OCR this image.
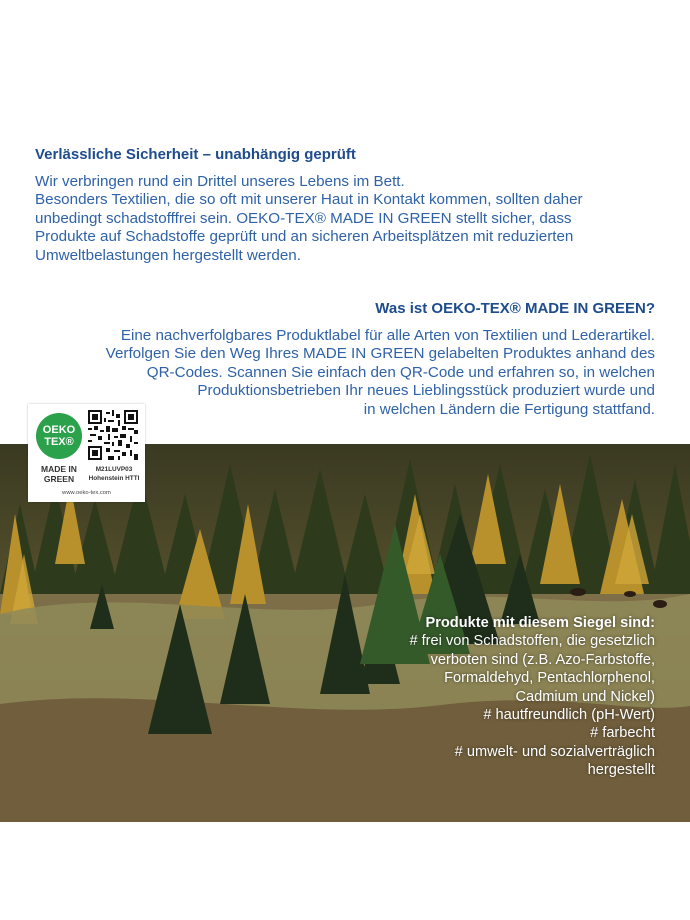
Verlässliche Sicherheit – unabhängig geprüft

Wir verbringen rund ein Drittel unseres Lebens im Bett.
Besonders Textilien, die so oft mit unserer Haut in Kontakt kommen, sollten daher
unbedingt schadstofffrei sein. OEKO-TEX® MADE IN GREEN stellt sicher, dass
Produkte auf Schadstoffe geprüft und an sicheren Arbeitsplätzen mit reduzierten
Umweltbelastungen hergestellt werden.

Was ist OEKO-TEX® MADE IN GREEN?

Eine nachverfolgbares Produktlabel für alle Arten von Textilien und Lederartikel.
Verfolgen Sie den Weg Ihres MADE IN GREEN gelabelten Produktes anhand des
QR-Codes. Scannen Sie einfach den QR-Code und erfahren so, in welchen
Produktionsbetrieben Ihr neues Lieblingsstück produziert wurde und
in welchen Ländern die Fertigung stattfand.

OEKO
TEX®
MADE IN
GREEN
M21LUVP03
Hohenstein HTTI
www.oeko-tex.com
Produkte mit diesem Siegel sind:
# frei von Schadstoffen, die gesetzlich
verboten sind (z.B. Azo-Farbstoffe,
Formaldehyd, Pentachlorphenol,
Cadmium und Nickel)
# hautfreundlich (pH-Wert)
# farbecht
# umwelt- und sozialverträglich
hergestellt
